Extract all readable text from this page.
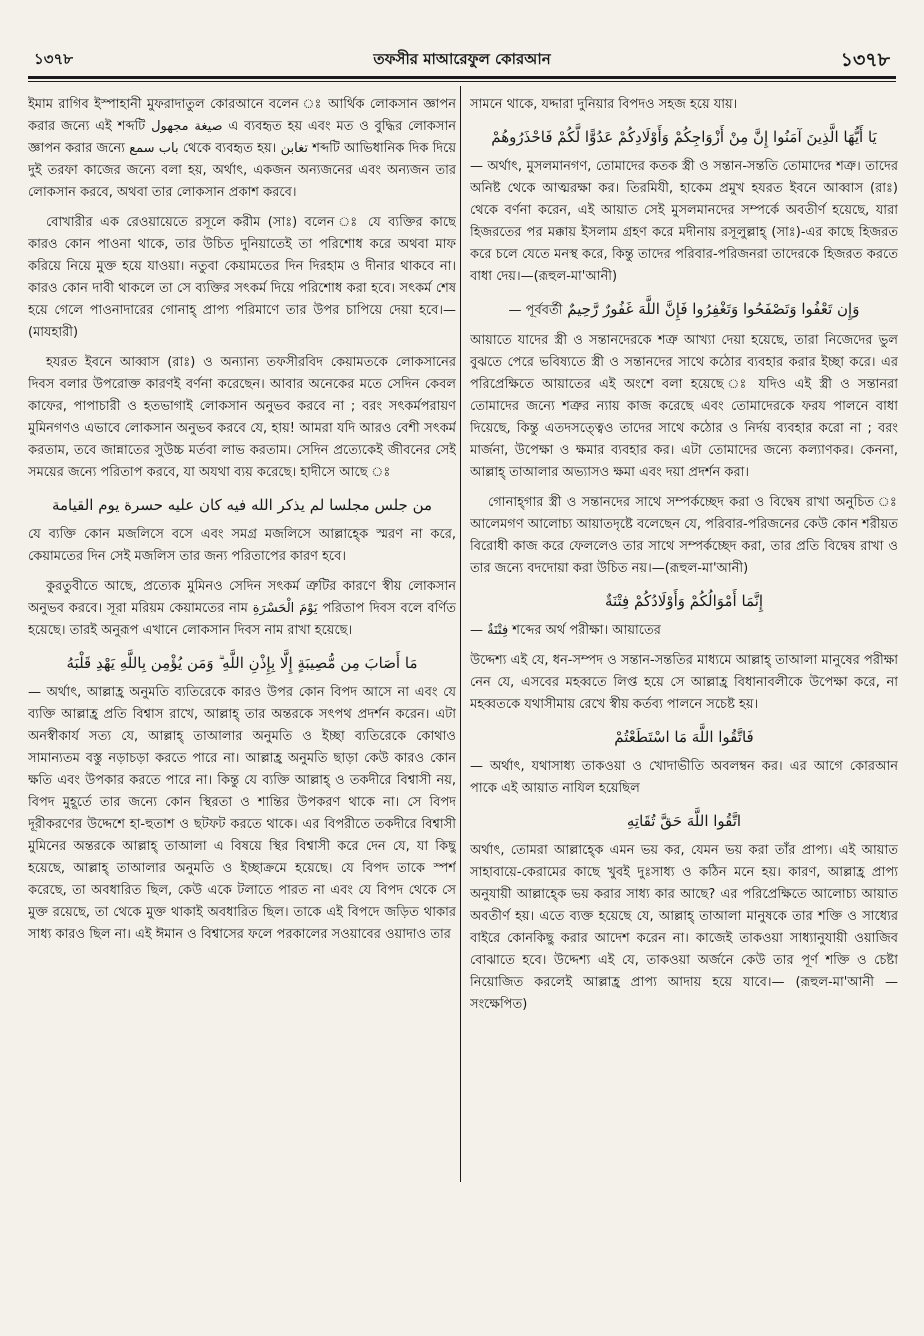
১৩৭৮	তফসীর মাআরেফুল কোরআন	১৩৭৮

ইমাম রাগিব ইস্পাহানী মুফরাদাতুল কোরআনে বলেন ঃ আর্থিক লোকসান জ্ঞাপন করার জন্যে এই শব্দটি صيغة مجهول এ ব্যবহৃত হয় এবং মত ও বুদ্ধির লোকসান জ্ঞাপন করার জন্যে باب سمع থেকে ব্যবহৃত হয়। تغابن শব্দটি আভিধানিক দিক দিয়ে দুই তরফা কাজের জন্যে বলা হয়, অর্থাৎ, একজন অন্যজনের এবং অন্যজন তার লোকসান করবে, অথবা তার লোকসান প্রকাশ করবে।

বোখারীর এক রেওয়ায়েতে রসূলে করীম (সাঃ) বলেন ঃ যে ব্যক্তির কাছে কারও কোন পাওনা থাকে, তার উচিত দুনিয়াতেই তা পরিশোধ করে অথবা মাফ করিয়ে নিয়ে মুক্ত হয়ে যাওয়া। নতুবা কেয়ামতের দিন দিরহাম ও দীনার থাকবে না। কারও কোন দাবী থাকলে তা সে ব্যক্তির সৎকর্ম দিয়ে পরিশোধ করা হবে। সৎকর্ম শেষ হয়ে গেলে পাওনাদারের গোনাহ্ প্রাপ্য পরিমাণে তার উপর চাপিয়ে দেয়া হবে।—(মাযহারী)

হযরত ইবনে আব্বাস (রাঃ) ও অন্যান্য তফসীরবিদ কেয়ামতকে লোকসানের দিবস বলার উপরোক্ত কারণই বর্ণনা করেছেন। আবার অনেকের মতে সেদিন কেবল কাফের, পাপাচারী ও হতভাগাই লোকসান অনুভব করবে না ; বরং সৎকর্মপরায়ণ মুমিনগণও এভাবে লোকসান অনুভব করবে যে, হায়! আমরা যদি আরও বেশী সৎকর্ম করতাম, তবে জান্নাতের সুউচ্চ মর্তবা লাভ করতাম। সেদিন প্রত্যেকেই জীবনের সেই সময়ের জন্যে পরিতাপ করবে, যা অযথা ব্যয় করেছে। হাদীসে আছে ঃ

من جلس مجلسا لم يذكر الله فيه كان عليه حسرة يوم القيامة

যে ব্যক্তি কোন মজলিসে বসে এবং সমগ্র মজলিসে আল্লাহ্কে স্মরণ না করে, কেয়ামতের দিন সেই মজলিস তার জন্য পরিতাপের কারণ হবে।

কুরতুবীতে আছে, প্রত্যেক মুমিনও সেদিন সৎকর্ম ত্রুটির কারণে স্বীয় লোকসান অনুভব করবে। সূরা মরিয়ম কেয়ামতের নাম يَوْمَ الْحَسْرَةِ পরিতাপ দিবস বলে বর্ণিত হয়েছে। তারই অনুরূপ এখানে লোকসান দিবস নাম রাখা হয়েছে।

مَا أَصَابَ مِن مُّصِيبَةٍ إِلَّا بِإِذْنِ اللَّهِ ۗ وَمَن يُؤْمِن بِاللَّهِ يَهْدِ قَلْبَهُ

— অর্থাৎ, আল্লাহ্র অনুমতি ব্যতিরেকে কারও উপর কোন বিপদ আসে না এবং যে ব্যক্তি আল্লাহ্র প্রতি বিশ্বাস রাখে, আল্লাহ্ তার অন্তরকে সৎপথ প্রদর্শন করেন। এটা অনস্বীকার্য সত্য যে, আল্লাহ্ তাআলার অনুমতি ও ইচ্ছা ব্যতিরেকে কোথাও সামান্যতম বস্তু নড়াচড়া করতে পারে না। আল্লাহ্র অনুমতি ছাড়া কেউ কারও কোন ক্ষতি এবং উপকার করতে পারে না। কিন্তু যে ব্যক্তি আল্লাহ্ ও তকদীরে বিশ্বাসী নয়, বিপদ মুহূর্তে তার জন্যে কোন স্থিরতা ও শান্তির উপকরণ থাকে না। সে বিপদ দূরীকরণের উদ্দেশে হা-হুতাশ ও ছটফট করতে থাকে। এর বিপরীতে তকদীরে বিশ্বাসী মুমিনের অন্তরকে আল্লাহ্ তাআলা এ বিষয়ে স্থির বিশ্বাসী করে দেন যে, যা কিছু হয়েছে, আল্লাহ্ তাআলার অনুমতি ও ইচ্ছাক্রমে হয়েছে। যে বিপদ তাকে স্পর্শ করেছে, তা অবধারিত ছিল, কেউ একে টলাতে পারত না এবং যে বিপদ থেকে সে মুক্ত রয়েছে, তা থেকে মুক্ত থাকাই অবধারিত ছিল। তাকে এই বিপদে জড়িত থাকার সাধ্য কারও ছিল না। এই ঈমান ও বিশ্বাসের ফলে পরকালের সওয়াবের ওয়াদাও তার

সামনে থাকে, যদ্দারা দুনিয়ার বিপদও সহজ হয়ে যায়।

يَا أَيُّهَا الَّذِينَ آمَنُوا إِنَّ مِنْ أَزْوَاجِكُمْ وَأَوْلَادِكُمْ عَدُوًّا لَّكُمْ فَاحْذَرُوهُمْ

— অর্থাৎ, মুসলমানগণ, তোমাদের কতক স্ত্রী ও সন্তান-সন্ততি তোমাদের শত্রু। তাদের অনিষ্ট থেকে আত্মরক্ষা কর। তিরমিযী, হাকেম প্রমুখ হযরত ইবনে আব্বাস (রাঃ) থেকে বর্ণনা করেন, এই আয়াত সেই মুসলমানদের সম্পর্কে অবতীর্ণ হয়েছে, যারা হিজরতের পর মক্কায় ইসলাম গ্রহণ করে মদীনায় রসূলুল্লাহ্ (সাঃ)-এর কাছে হিজরত করে চলে যেতে মনস্থ করে, কিন্তু তাদের পরিবার-পরিজনরা তাদেরকে হিজরত করতে বাধা দেয়।—(রূহুল-মা'আনী)

وَإِن تَعْفُوا وَتَصْفَحُوا وَتَغْفِرُوا فَإِنَّ اللَّهَ غَفُورٌ رَّحِيمٌ — পূর্ববর্তী

আয়াতে যাদের স্ত্রী ও সন্তানদেরকে শত্রু আখ্যা দেয়া হয়েছে, তারা নিজেদের ভুল বুঝতে পেরে ভবিষ্যতে স্ত্রী ও সন্তানদের সাথে কঠোর ব্যবহার করার ইচ্ছা করে। এর পরিপ্রেক্ষিতে আয়াতের এই অংশে বলা হয়েছে ঃ যদিও এই স্ত্রী ও সন্তানরা তোমাদের জন্যে শত্রুর ন্যায় কাজ করেছে এবং তোমাদেরকে ফরয পালনে বাধা দিয়েছে, কিন্তু এতদসত্ত্বেও তাদের সাথে কঠোর ও নির্দয় ব্যবহার করো না ; বরং মার্জনা, উপেক্ষা ও ক্ষমার ব্যবহার কর। এটা তোমাদের জন্যে কল্যাণকর। কেননা, আল্লাহ্ তাআলার অভ্যাসও ক্ষমা এবং দয়া প্রদর্শন করা।

গোনাহ্গার স্ত্রী ও সন্তানদের সাথে সম্পর্কচ্ছেদ করা ও বিদ্বেষ রাখা অনুচিত ঃ আলেমগণ আলোচ্য আয়াতদৃষ্টে বলেছেন যে, পরিবার-পরিজনের কেউ কোন শরীয়ত বিরোধী কাজ করে ফেললেও তার সাথে সম্পর্কচ্ছেদ করা, তার প্রতি বিদ্বেষ রাখা ও তার জন্যে বদদোয়া করা উচিত নয়।—(রূহুল-মা'আনী)

إِنَّمَا أَمْوَالُكُمْ وَأَوْلَادُكُمْ فِتْنَةٌ

— فِتْنَةٌ শব্দের অর্থ পরীক্ষা। আয়াতের

উদ্দেশ্য এই যে, ধন-সম্পদ ও সন্তান-সন্ততির মাধ্যমে আল্লাহ্ তাআলা মানুষের পরীক্ষা নেন যে, এসবের মহব্বতে লিপ্ত হয়ে সে আল্লাহ্র বিধানাবলীকে উপেক্ষা করে, না মহব্বতকে যথাসীমায় রেখে স্বীয় কর্তব্য পালনে সচেষ্ট হয়।

فَاتَّقُوا اللَّهَ مَا اسْتَطَعْتُمْ

— অর্থাৎ, যথাসাধ্য তাকওয়া ও খোদাভীতি অবলম্বন কর। এর আগে কোরআন পাকে এই আয়াত নাযিল হয়েছিল

اتَّقُوا اللَّهَ حَقَّ تُقَاتِهِ

অর্থাৎ, তোমরা আল্লাহ্কে এমন ভয় কর, যেমন ভয় করা তাঁর প্রাপ্য। এই আয়াত সাহাবায়ে-কেরামের কাছে খুবই দুঃসাধ্য ও কঠিন মনে হয়। কারণ, আল্লাহ্র প্রাপ্য অনুযায়ী আল্লাহ্কে ভয় করার সাধ্য কার আছে? এর পরিপ্রেক্ষিতে আলোচ্য আয়াত অবতীর্ণ হয়। এতে ব্যক্ত হয়েছে যে, আল্লাহ্ তাআলা মানুষকে তার শক্তি ও সাধ্যের বাইরে কোনকিছু করার আদেশ করেন না। কাজেই তাকওয়া সাধ্যানুযায়ী ওয়াজিব বোঝাতে হবে। উদ্দেশ্য এই যে, তাকওয়া অর্জনে কেউ তার পূর্ণ শক্তি ও চেষ্টা নিয়োজিত করলেই আল্লাহ্র প্রাপ্য আদায় হয়ে যাবে।— (রূহুল-মা'আনী — সংক্ষেপিত)
